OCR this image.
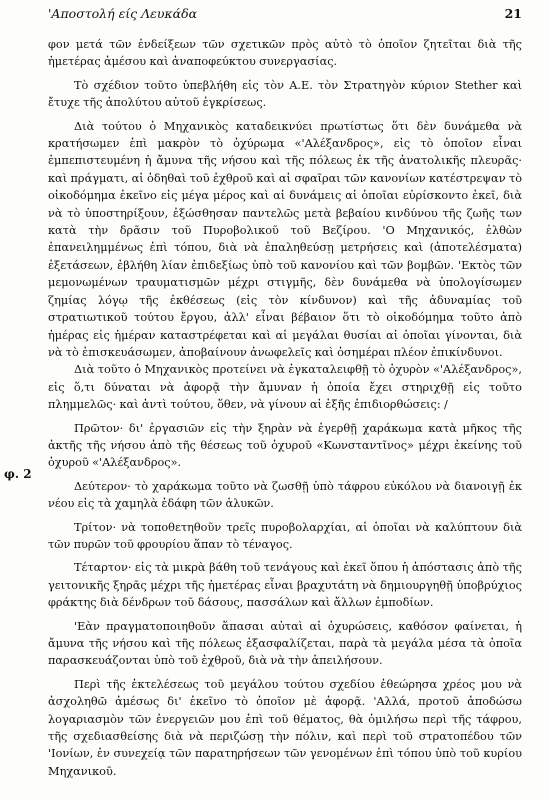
'Αποστολή είς Λευκάδα	21
φ. 2

φον μετά τῶν ἐνδείξεων τῶν σχετικῶν πρὸς αὐτὸ τὸ ὁποῖον ζητεῖται διὰ τῆς ἡμετέρας ἀμέσου καὶ ἀναποφεύκτου συνεργασίας.

Τὸ σχέδιον τοῦτο ὑπεβλήθη εἰς τὸν Α.Ε. τὸν Στρατηγὸν κύριον Stether καὶ ἔτυχε τῆς ἀπολύτου αὐτοῦ ἐγκρίσεως.

Διὰ τούτου ὁ Μηχανικὸς καταδεικνύει πρωτίστως ὅτι δὲν δυνάμεθα νὰ κρατήσωμεν ἐπὶ μακρὸν τὸ ὀχύρωμα «'Αλέξανδρος», εἰς τὸ ὁποῖον εἶναι ἐμπεπιστευμένη ἡ ἄμυνα τῆς νήσου καὶ τῆς πόλεως ἐκ τῆς ἀνατολικῆς πλευρᾶς· καὶ πράγματι, αἱ ὁδηθαὶ τοῦ ἐχθροῦ καὶ αἱ σφαῖραι τῶν κανονίων κατέστρεψαν τὸ οἰκοδόμημα ἐκεῖνο εἰς μέγα μέρος καὶ αἱ δυνάμεις αἱ ὁποῖαι εὑρίσκοντο ἐκεῖ, διὰ νὰ τὸ ὑποστηρίξουν, ἐξώσθησαν παντελῶς μετὰ βεβαίου κινδύνου τῆς ζωῆς των κατὰ τὴν δρᾶσιν τοῦ Πυροβολικοῦ τοῦ Βεζίρου. 'Ο Μηχανικός, ἐλθὼν ἐπανειλημμένως ἐπὶ τόπου, διὰ νὰ ἐπαληθεύσῃ μετρήσεις καὶ (ἀποτελέσματα) ἐξετάσεων, ἐβλήθη λίαν ἐπιδεξίως ὑπὸ τοῦ κανονίου καὶ τῶν βομβῶν. 'Εκτὸς τῶν μεμονωμένων τραυματισμῶν μέχρι στιγμῆς, δὲν δυνάμεθα νὰ ὑπολογίσωμεν ζημίας λόγῳ τῆς ἐκθέσεως (εἰς τὸν κίνδυνον) καὶ τῆς ἀδυναμίας τοῦ στρατιωτικοῦ τούτου ἔργου, ἀλλ' εἶναι βέβαιον ὅτι τὸ οἰκοδόμημα τοῦτο ἀπὸ ἡμέρας εἰς ἡμέραν καταστρέφεται καὶ αἱ μεγάλαι θυσίαι αἱ ὁποῖαι γίνονται, διὰ νὰ τὸ ἐπισκευάσωμεν, ἀποβαίνουν ἀνωφελεῖς καὶ ὁσημέραι πλέον ἐπικίνδυνοι.

Διὰ τοῦτο ὁ Μηχανικὸς προτείνει νὰ ἐγκαταλειφθῇ τὸ ὀχυρὸν «'Αλέξανδρος», εἰς ὅ,τι δύναται νὰ ἀφορᾷ τὴν ἄμυναν ἡ ὁποία ἔχει στηριχθῇ εἰς τοῦτο πλημμελῶς· καὶ ἀντὶ τούτου, ὅθεν, νὰ γίνουν αἱ ἑξῆς ἐπιδιορθώσεις: /

Πρῶτον· δι' ἐργασιῶν εἰς τὴν ξηρὰν νὰ ἐγερθῇ χαράκωμα κατὰ μῆκος τῆς ἀκτῆς τῆς νήσου ἀπὸ τῆς θέσεως τοῦ ὀχυροῦ «Κωνσταντῖνος» μέχρι ἐκείνης τοῦ ὀχυροῦ «'Αλέξανδρος».

Δεύτερον· τὸ χαράκωμα τοῦτο νὰ ζωσθῇ ὑπὸ τάφρου εὐκόλου νὰ διανοιγῇ ἐκ νέου εἰς τὰ χαμηλὰ ἐδάφη τῶν ἁλυκῶν.

Τρίτον· νὰ τοποθετηθοῦν τρεῖς πυροβολαρχίαι, αἱ ὁποῖαι νὰ καλύπτουν διὰ τῶν πυρῶν τοῦ φρουρίου ἅπαν τὸ τέναγος.

Τέταρτον· εἰς τὰ μικρὰ βάθη τοῦ τενάγους καὶ ἐκεῖ ὅπου ἡ ἀπόστασις ἀπὸ τῆς γειτονικῆς ξηρᾶς μέχρι τῆς ἡμετέρας εἶναι βραχυτάτη νὰ δημιουργηθῇ ὑποβρύχιος φράκτης διὰ δένδρων τοῦ δάσους, πασσάλων καὶ ἄλλων ἐμποδίων.

'Εὰν πραγματοποιηθοῦν ἅπασαι αὐταὶ αἱ ὀχυρώσεις, καθόσον φαίνεται, ἡ ἄμυνα τῆς νήσου καὶ τῆς πόλεως ἐξασφαλίζεται, παρὰ τὰ μεγάλα μέσα τὰ ὁποῖα παρασκευάζονται ὑπὸ τοῦ ἐχθροῦ, διὰ νὰ τὴν ἀπειλήσουν.

Περὶ τῆς ἐκτελέσεως τοῦ μεγάλου τούτου σχεδίου ἐθεώρησα χρέος μου νὰ ἀσχοληθῶ ἀμέσως δι' ἐκεῖνο τὸ ὁποῖον μὲ ἀφορᾷ. 'Αλλά, προτοῦ ἀποδώσω λογαριασμὸν τῶν ἐνεργειῶν μου ἐπὶ τοῦ θέματος, θὰ ὁμιλήσω περὶ τῆς τάφρου, τῆς σχεδιασθείσης διὰ νὰ περιζώσῃ τὴν πόλιν, καὶ περὶ τοῦ στρατοπέδου τῶν 'Ιονίων, ἐν συνεχείᾳ τῶν παρατηρήσεων τῶν γενομένων ἐπὶ τόπου ὑπὸ τοῦ κυρίου Μηχανικοῦ.
